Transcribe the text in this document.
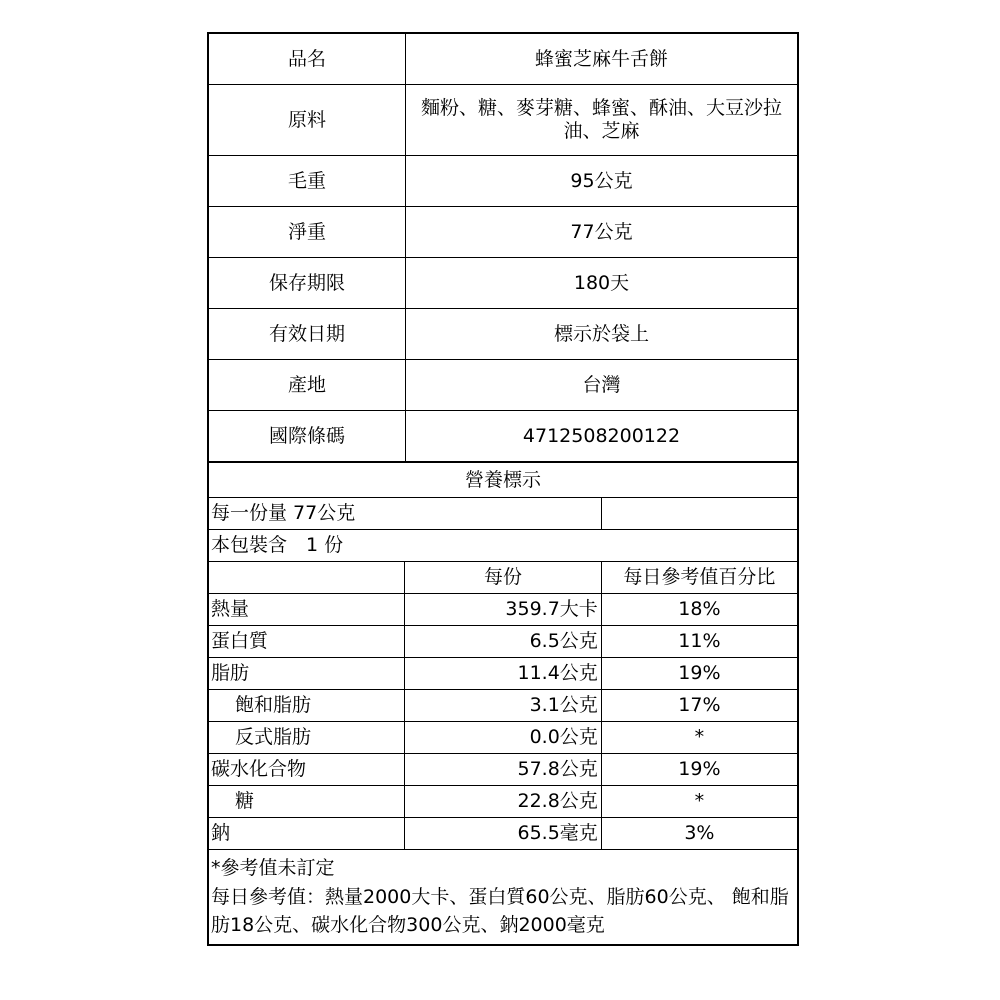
品名	蜂蜜芝麻牛舌餅
原料	麵粉、糖、麥芽糖、蜂蜜、酥油、大豆沙拉油、芝麻
毛重	95公克
淨重	77公克
保存期限	180天
有效日期	標示於袋上
產地	台灣
國際條碼	4712508200122
營養標示		
每一份量 77公克		
本包裝含　1 份		
	每份	每日參考值百分比
熱量	359.7大卡	18%
蛋白質	6.5公克	11%
脂肪	11.4公克	19%
飽和脂肪	3.1公克	17%
反式脂肪	0.0公克	*
碳水化合物	57.8公克	19%
糖	22.8公克	*
鈉	65.5毫克	3%

*參考值未訂定
每日參考值：熱量2000大卡、蛋白質60公克、脂肪60公克、 飽和脂肪18公克、碳水化合物300公克、鈉2000毫克		
